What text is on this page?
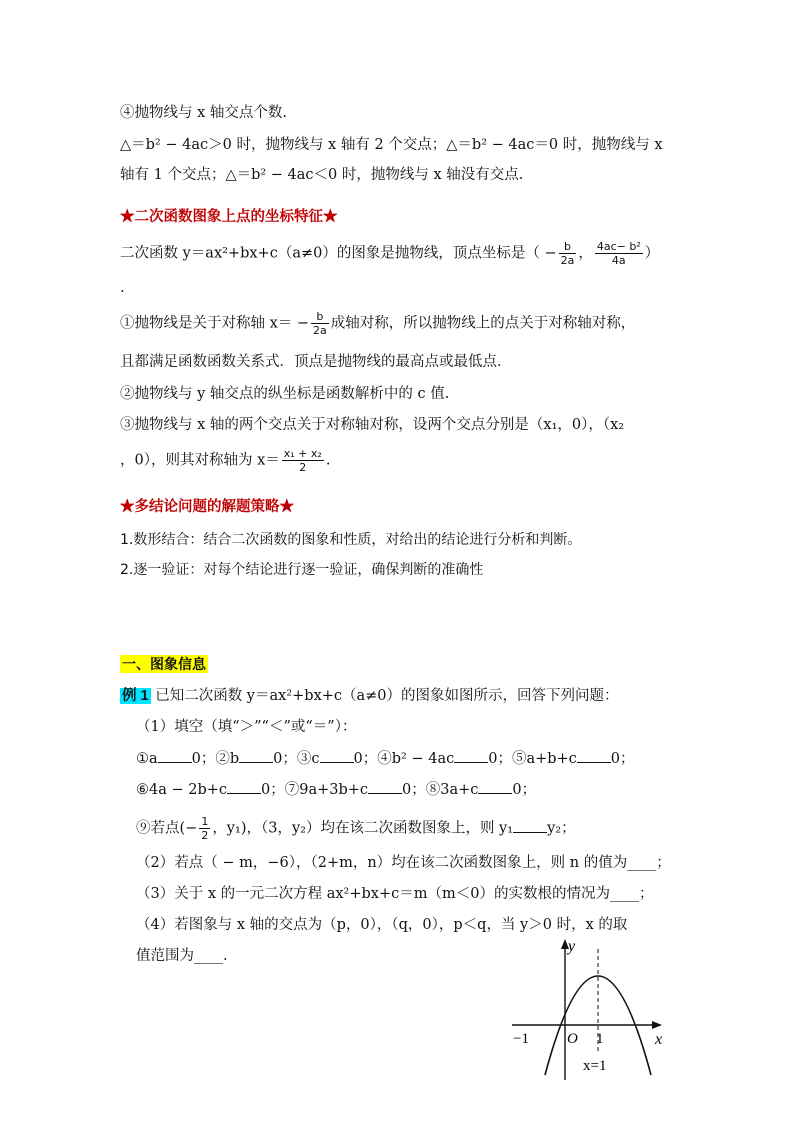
④抛物线与 x 轴交点个数.
△＝b² − 4ac＞0 时，抛物线与 x 轴有 2 个交点；△＝b² − 4ac＝0 时，抛物线与 x
轴有 1 个交点；△＝b² − 4ac＜0 时，抛物线与 x 轴没有交点.
★二次函数图象上点的坐标特征★
二次函数 y＝ax²+bx+c（a≠0）的图象是抛物线，顶点坐标是（ − $\frac{b}{2a}$ ， $\frac{\text{4ac− b²}}{4a}$ ）
.
①抛物线是关于对称轴 $x= - \frac{b}{2a}$ 成轴对称，所以抛物线上的点关于对称轴对称，
且都满足函数函数关系式．顶点是抛物线的最高点或最低点．
②抛物线与 y 轴交点的纵坐标是函数解析中的 c 值.
③抛物线与 x 轴的两个交点关于对称轴对称，设两个交点分别是（x₁，0），（x₂
，0），则其对称轴为 $x= \frac{\text{x₁ + x₂}}{2}$ .
★多结论问题的解题策略★
1.数形结合：结合二次函数的图象和性质，对给出的结论进行分析和判断。
2.逐一验证：对每个结论进行逐一验证，确保判断的准确性
一、图象信息
例 1 已知二次函数 y＝ax²+bx+c（a≠0）的图象如图所示，回答下列问题：
（1）填空（填“＞”“＜”或“＝”）：
①a 0；②b 0；③c 0；④b² − 4ac 0；⑤a+b+c 0；
⑥4a − 2b+c 0；⑦9a+3b+c 0；⑧3a+c 0；
⑨若点(− $\frac{1}{2}$ ，y₁)，（3，y₂）均在该二次函数图象上，则 y₁ y₂；
（2）若点（ − m，−6），（2+m，n）均在该二次函数图象上，则 n 的值为____；
（3）关于 x 的一元二次方程 ax²+bx+c＝m（m＜0）的实数根的情况为____；
（4）若图象与 x 轴的交点为（p，0），（q，0），p＜q，当 y＞0 时，x 的取
值范围为____.
y
x
O
−1	1
x=1
